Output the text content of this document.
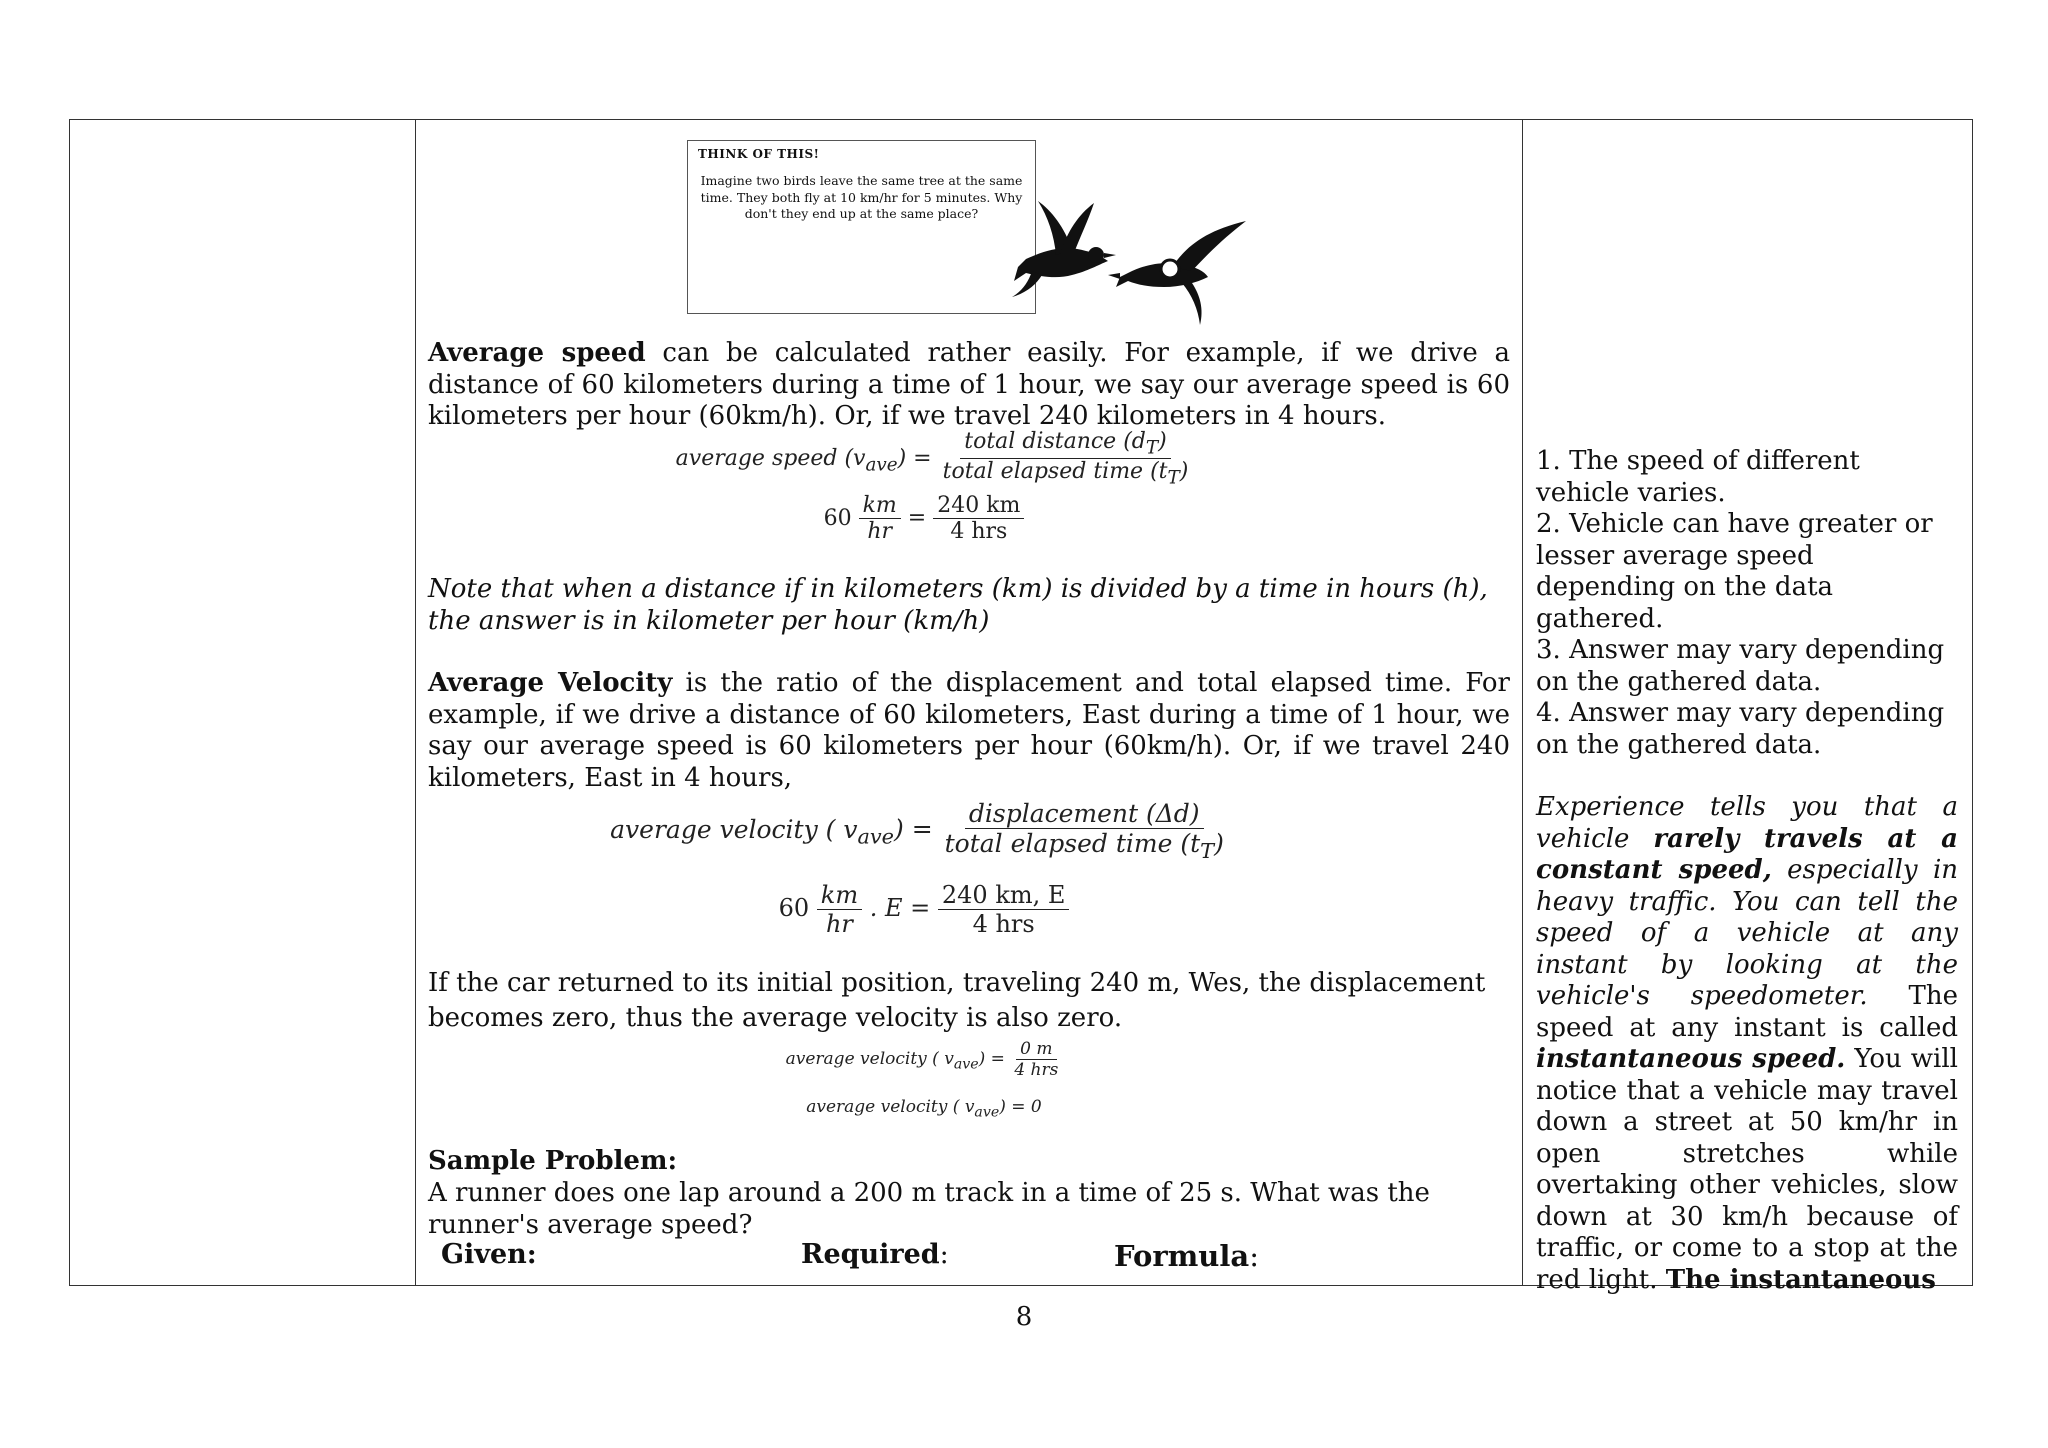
THINK OF THIS!
Imagine two birds leave the same tree at the same time. They both fly at 10 km/hr for 5 minutes. Why don't they end up at the same place?
Average speed can be calculated rather easily. For example, if we drive a distance of 60 kilometers during a time of 1 hour, we say our average speed is 60 kilometers per hour (60km/h). Or, if we travel 240 kilometers in 4 hours.
average speed $(v_{ave}) = \frac{total distance (d_T)}{total elapsed time (t_T)}$
$60 \frac{km}{hr} = \frac{240 km}{\text{4 hrs}}$
Note that when a distance if in kilometers (km) is divided by a time in hours (h), the answer is in kilometer per hour (km/h)
Average Velocity is the ratio of the displacement and total elapsed time. For example, if we drive a distance of 60 kilometers, East during a time of 1 hour, we say our average speed is 60 kilometers per hour (60km/h). Or, if we travel 240 kilometers, East in 4 hours,
average velocity ( $v_{ave}) = \frac{\text{displacement (Δd)}}{total elapsed time (t_T)}$
$60 \frac{km}{hr}$ . $E = \frac{240 km, E}{\text{4 hrs}}$
If the car returned to its initial position, traveling 240 m, Wes, the displacement becomes zero, thus the average velocity is also zero.
average velocity ( $v_{ave}) = \frac{0 m}{\text{4 hrs}}$
average velocity ( $v_{ave}) = 0$
Sample Problem:
A runner does one lap around a 200 m track in a time of 25 s. What was the runner's average speed?
Given:	Required:	Formula:
1. The speed of different vehicle varies.
2. Vehicle can have greater or lesser average speed depending on the data gathered.
3. Answer may vary depending on the gathered data.
4. Answer may vary depending on the gathered data.
Experience tells you that a vehicle rarely travels at a constant speed, especially in heavy traffic. You can tell the speed of a vehicle at any instant by looking at the vehicle's speedometer. The speed at any instant is called instantaneous speed. You will notice that a vehicle may travel down a street at 50 km/hr in open stretches while overtaking other vehicles, slow down at 30 km/h because of traffic, or come to a stop at the red light. The instantaneous
8
